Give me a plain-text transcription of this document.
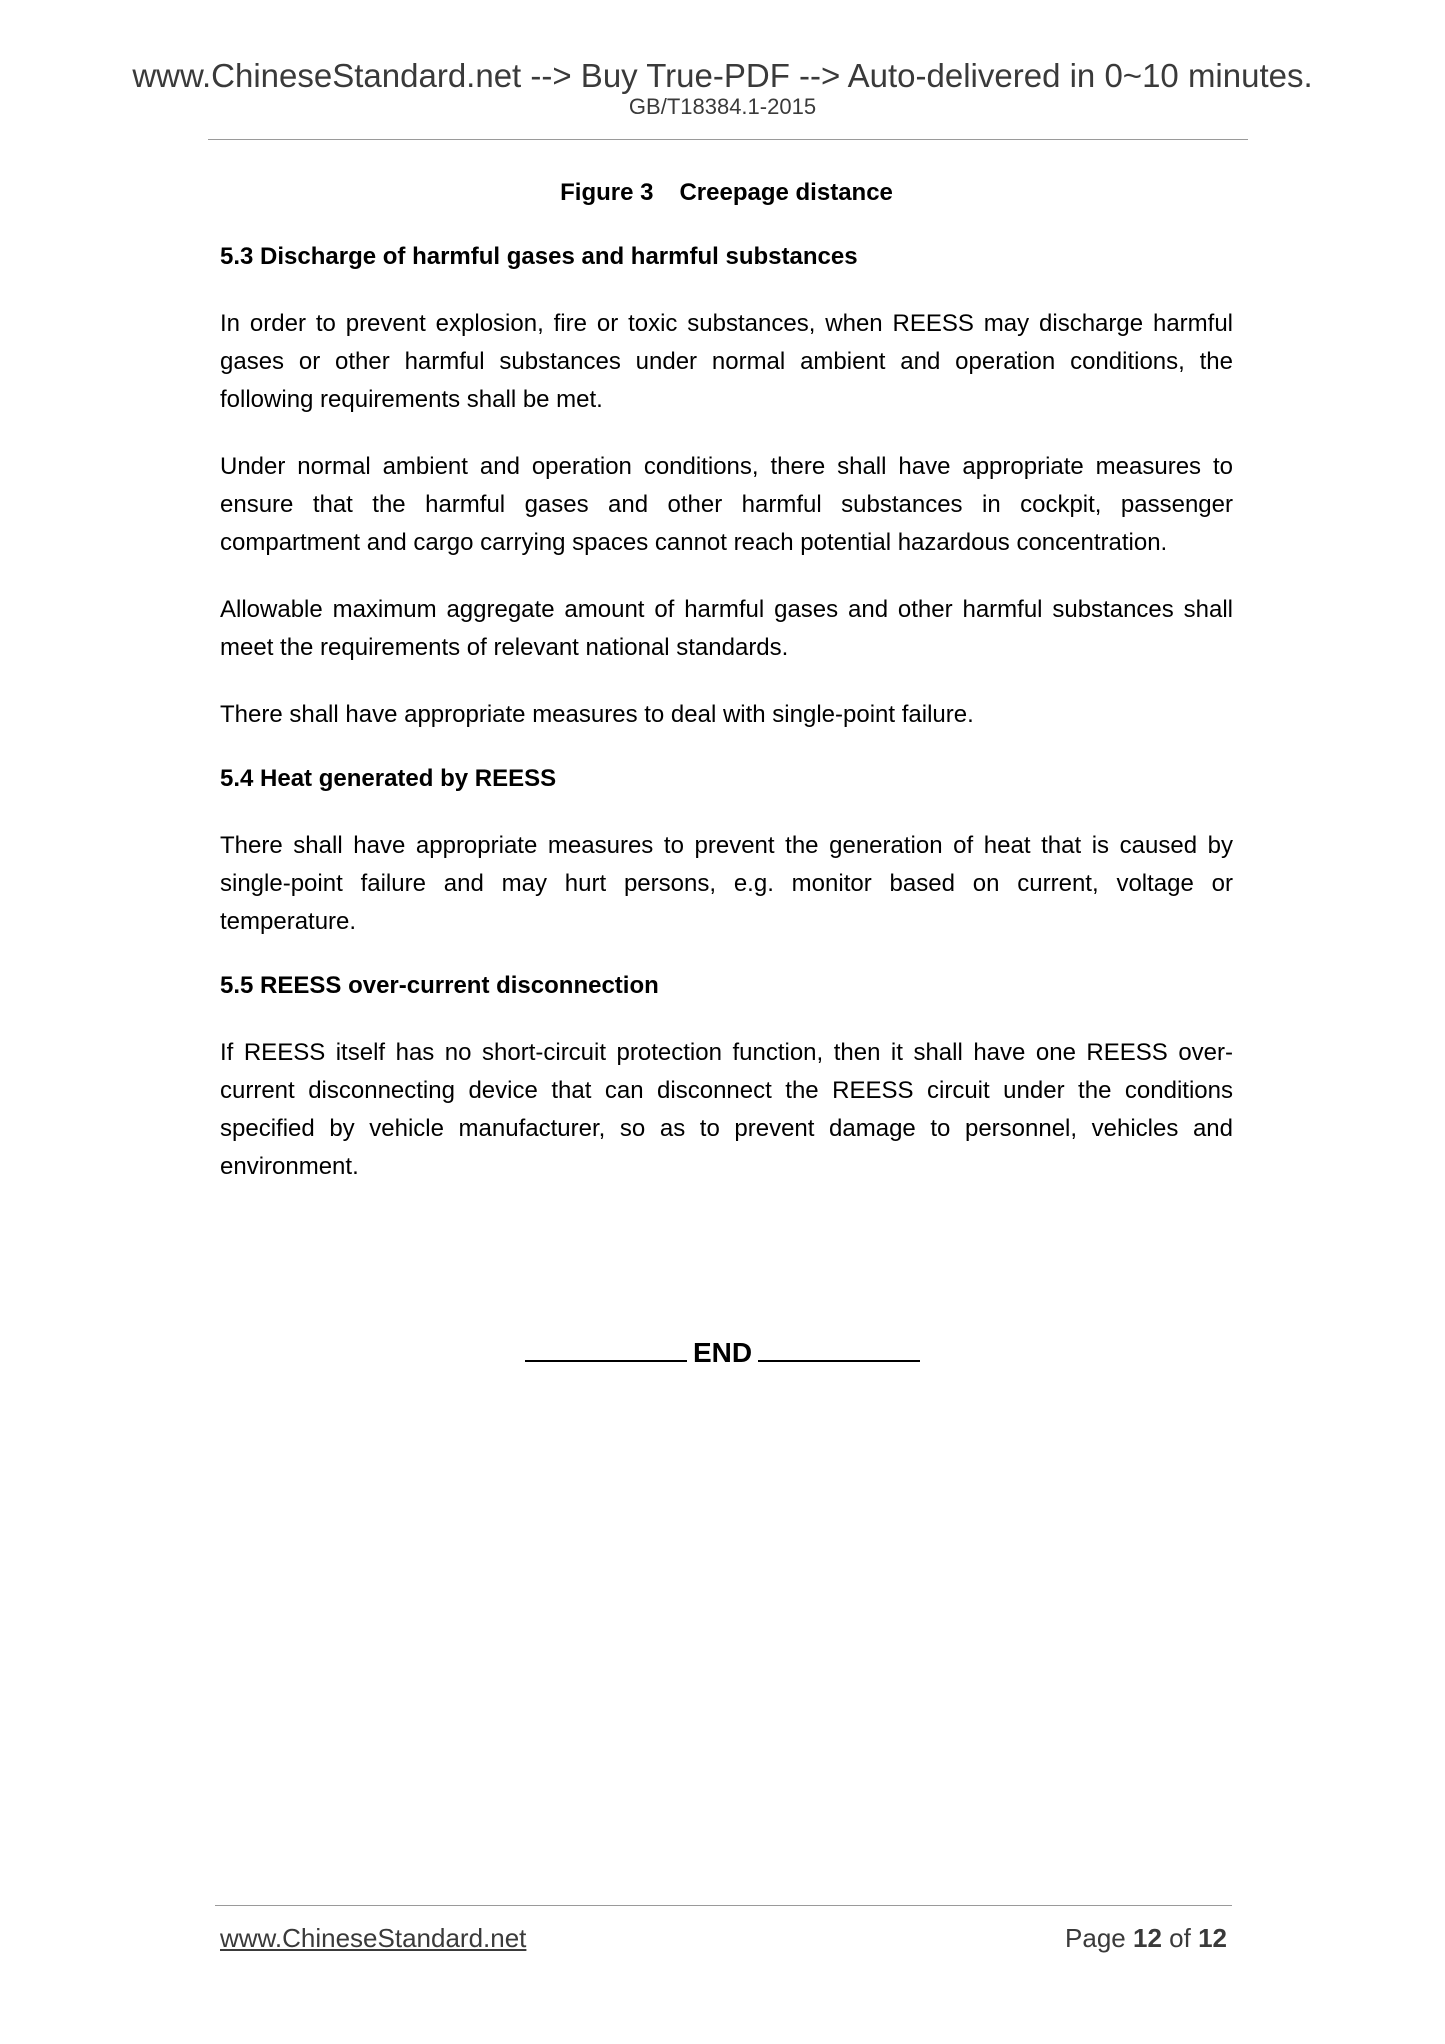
www.ChineseStandard.net --> Buy True-PDF --> Auto-delivered in 0~10 minutes.
GB/T18384.1-2015
Figure 3 Creepage distance
5.3 Discharge of harmful gases and harmful substances

In order to prevent explosion, fire or toxic substances, when REESS may discharge harmful gases or other harmful substances under normal ambient and operation conditions, the following requirements shall be met.

Under normal ambient and operation conditions, there shall have appropriate measures to ensure that the harmful gases and other harmful substances in cockpit, passenger compartment and cargo carrying spaces cannot reach potential hazardous concentration.

Allowable maximum aggregate amount of harmful gases and other harmful substances shall meet the requirements of relevant national standards.

There shall have appropriate measures to deal with single-point failure.

5.4 Heat generated by REESS

There shall have appropriate measures to prevent the generation of heat that is caused by single-point failure and may hurt persons, e.g. monitor based on current, voltage or temperature.

5.5 REESS over-current disconnection

If REESS itself has no short-circuit protection function, then it shall have one REESS over-current disconnecting device that can disconnect the REESS circuit under the conditions specified by vehicle manufacturer, so as to prevent damage to personnel, vehicles and environment.

END
www.ChineseStandard.net	Page 12 of 12
